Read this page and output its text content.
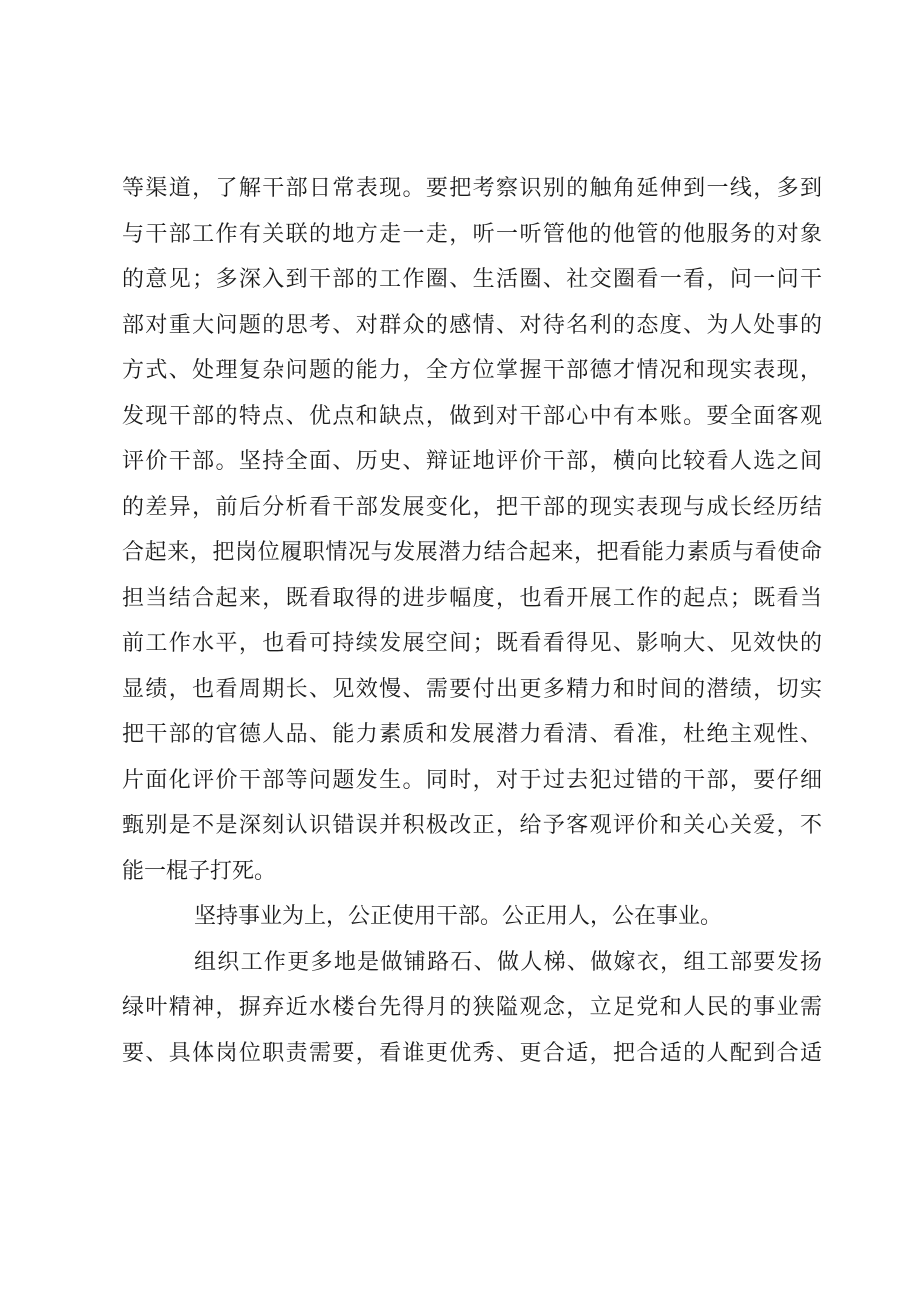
等渠道，了解干部日常表现。要把考察识别的触角延伸到一线，多到
与干部工作有关联的地方走一走，听一听管他的他管的他服务的对象
的意见；多深入到干部的工作圈、生活圈、社交圈看一看，问一问干
部对重大问题的思考、对群众的感情、对待名利的态度、为人处事的
方式、处理复杂问题的能力，全方位掌握干部德才情况和现实表现，
发现干部的特点、优点和缺点，做到对干部心中有本账。要全面客观
评价干部。坚持全面、历史、辩证地评价干部，横向比较看人选之间
的差异，前后分析看干部发展变化，把干部的现实表现与成长经历结
合起来，把岗位履职情况与发展潜力结合起来，把看能力素质与看使命
担当结合起来，既看取得的进步幅度，也看开展工作的起点；既看当
前工作水平，也看可持续发展空间；既看看得见、影响大、见效快的
显绩，也看周期长、见效慢、需要付出更多精力和时间的潜绩，切实
把干部的官德人品、能力素质和发展潜力看清、看准，杜绝主观性、
片面化评价干部等问题发生。同时，对于过去犯过错的干部，要仔细
甄别是不是深刻认识错误并积极改正，给予客观评价和关心关爱，不
能一棍子打死。
坚持事业为上，公正使用干部。公正用人，公在事业。
组织工作更多地是做铺路石、做人梯、做嫁衣，组工部要发扬
绿叶精神，摒弃近水楼台先得月的狭隘观念，立足党和人民的事业需
要、具体岗位职责需要，看谁更优秀、更合适，把合适的人配到合适
